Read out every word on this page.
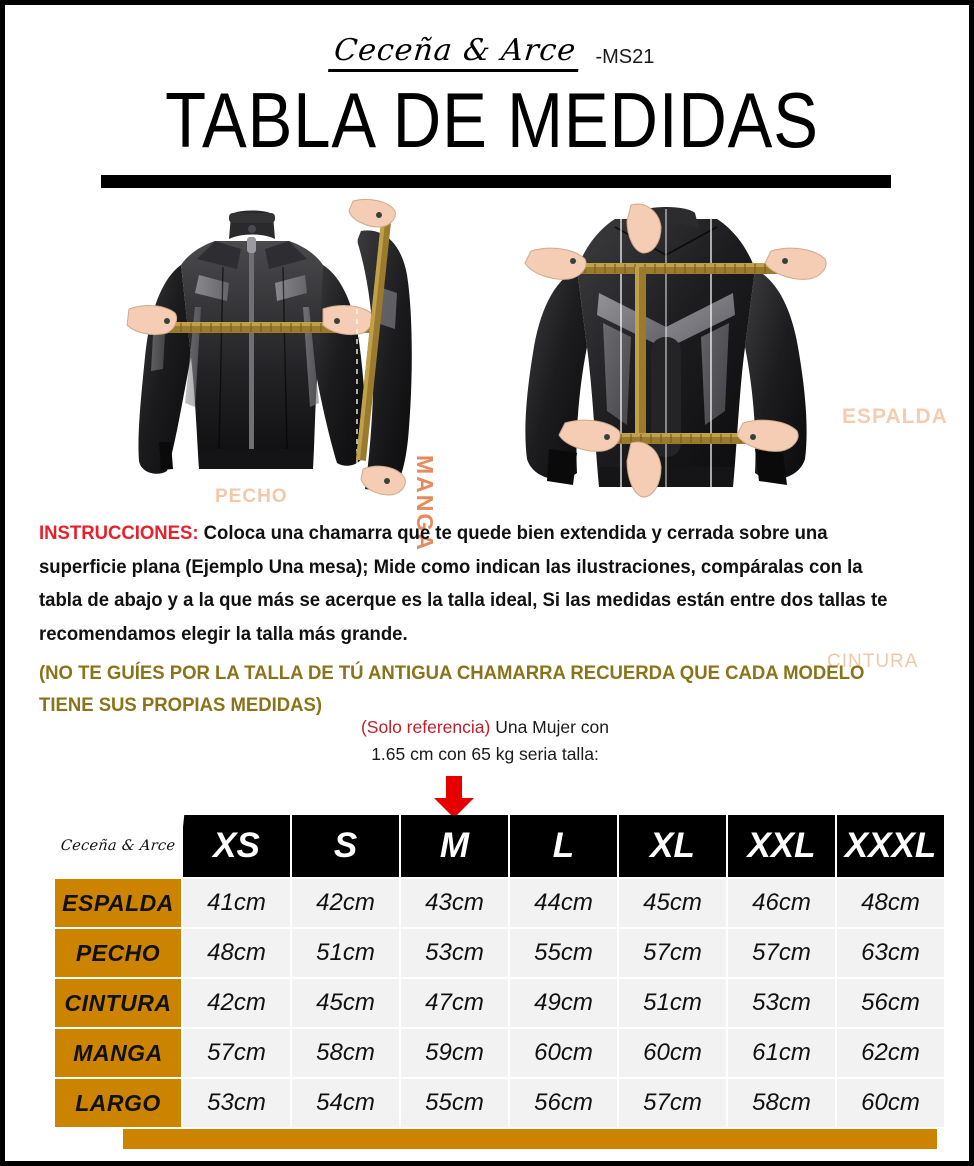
Ceceña & Arce -MS21
TABLA DE MEDIDAS
PECHO	MANGA
ESPALDA
CINTURA
INSTRUCCIONES: Coloca una chamarra que te quede bien extendida y cerrada sobre una superficie plana (Ejemplo Una mesa); Mide como indican las ilustraciones, compáralas con la tabla de abajo y a la que más se acerque es la talla ideal, Si las medidas están entre dos tallas te recomendamos elegir la talla más grande.
(NO TE GUÍES POR LA TALLA DE TÚ ANTIGUA CHAMARRA RECUERDA QUE CADA MODELO TIENE SUS PROPIAS MEDIDAS)
(Solo referencia) Una Mujer con
1.65 cm con 65 kg seria talla:
Ceceña & Arce	XS	S	M	L	XL	XXL	XXXL
ESPALDA	41cm	42cm	43cm	44cm	45cm	46cm	48cm
PECHO	48cm	51cm	53cm	55cm	57cm	57cm	63cm
CINTURA	42cm	45cm	47cm	49cm	51cm	53cm	56cm
MANGA	57cm	58cm	59cm	60cm	60cm	61cm	62cm
LARGO	53cm	54cm	55cm	56cm	57cm	58cm	60cm
